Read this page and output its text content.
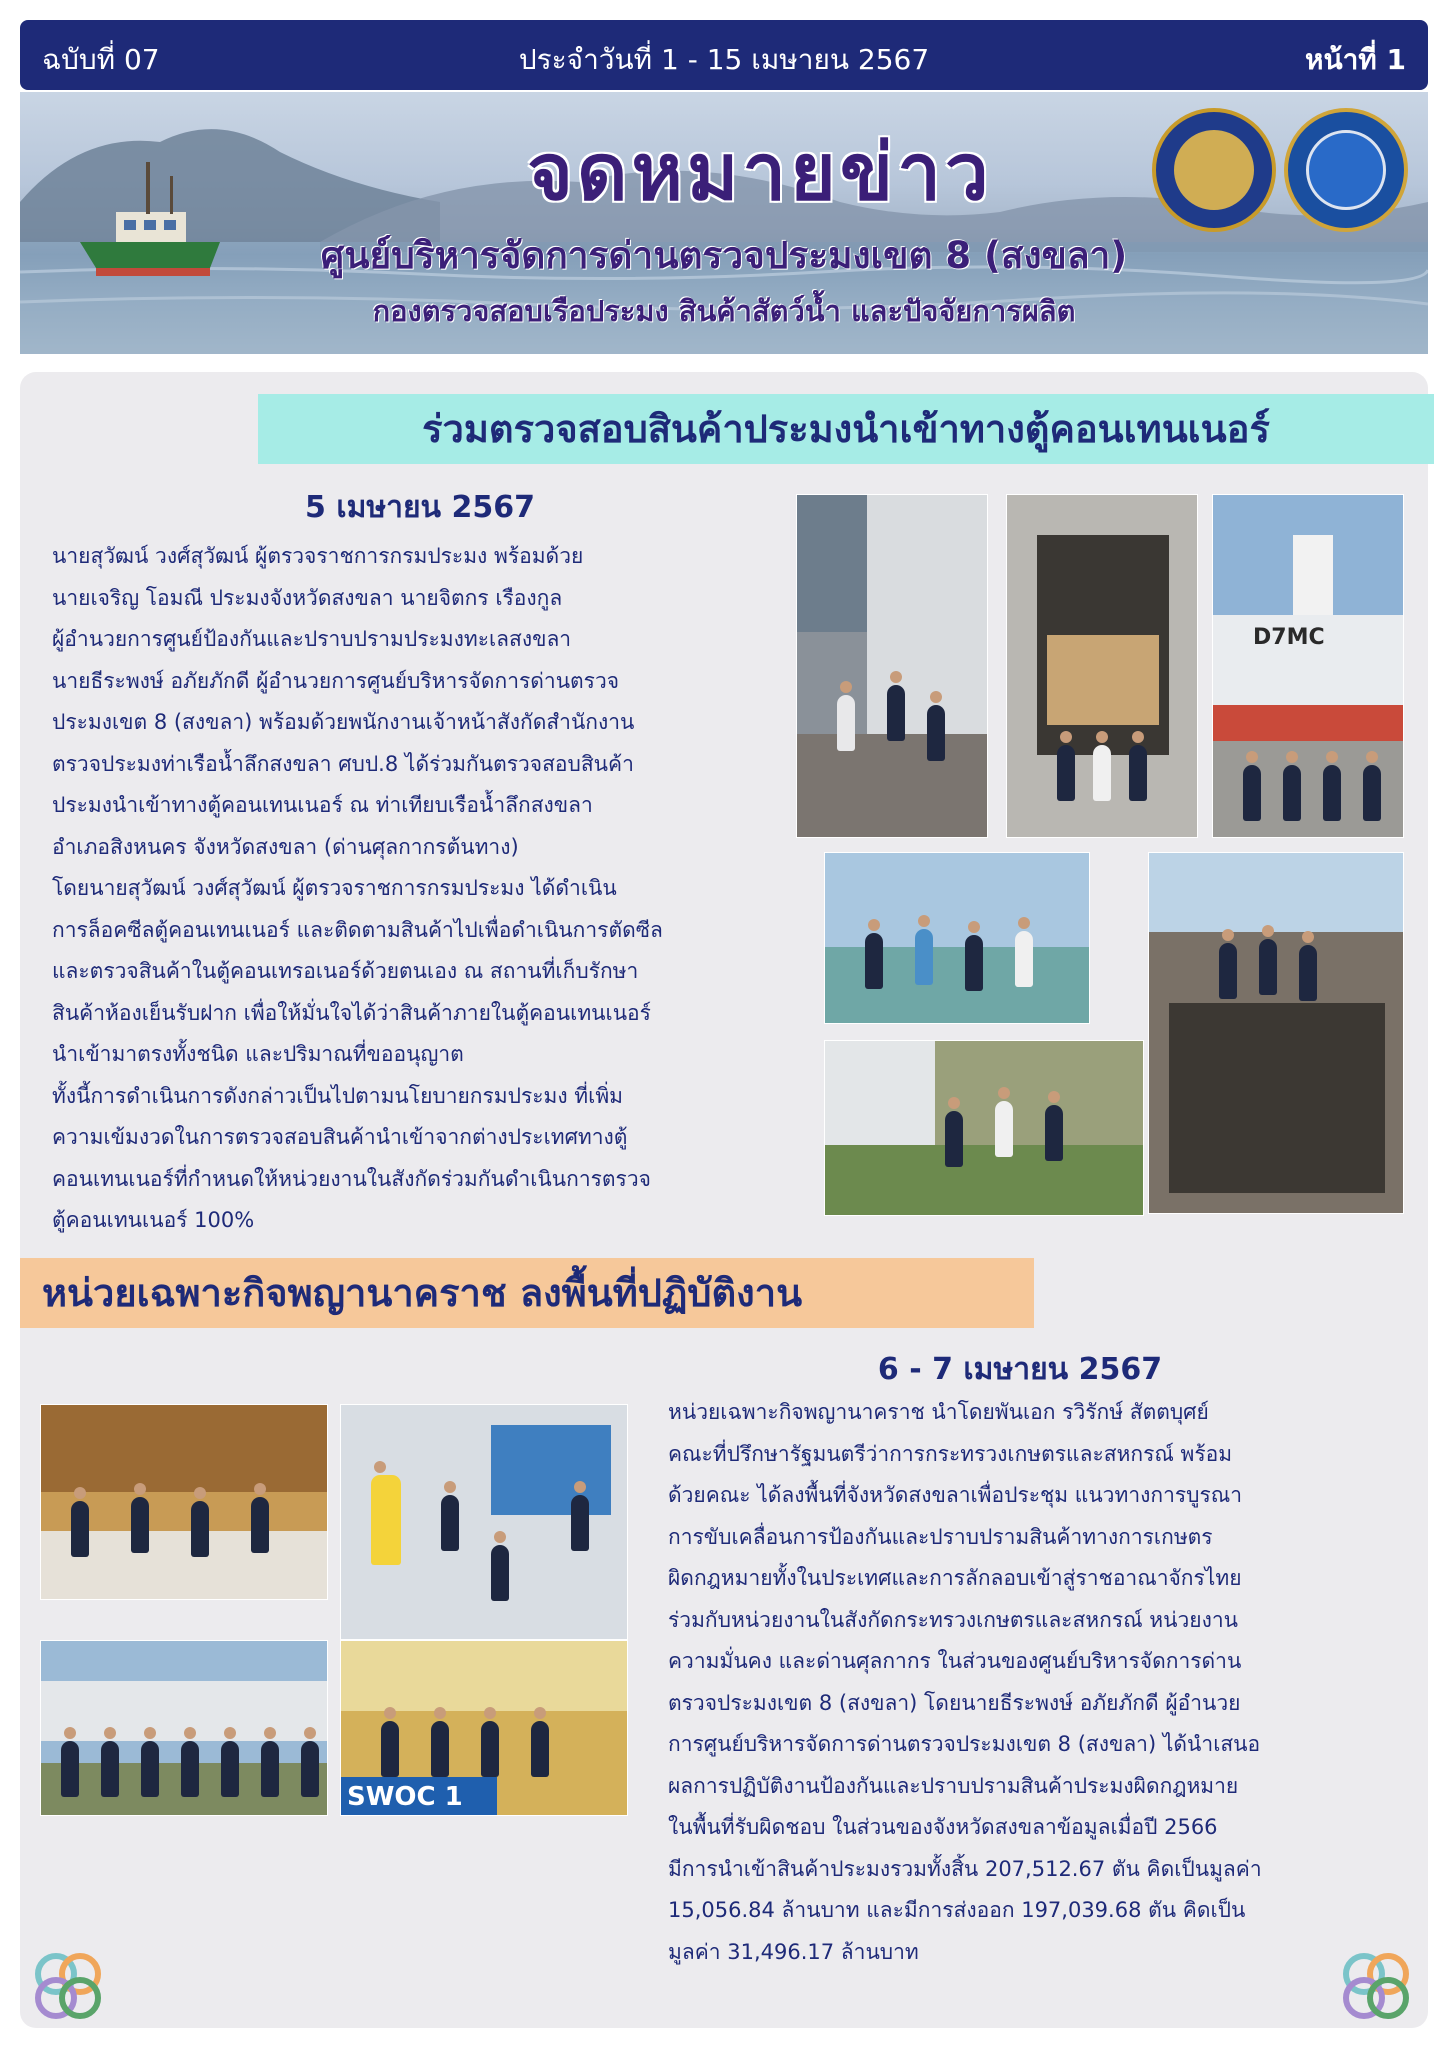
ฉบับที่ 07	ประจำวันที่ 1 - 15 เมษายน 2567	หน้าที่ 1
จดหมายข่าว
ศูนย์บริหารจัดการด่านตรวจประมงเขต 8 (สงขลา)
กองตรวจสอบเรือประมง สินค้าสัตว์น้ำ และปัจจัยการผลิต
ร่วมตรวจสอบสินค้าประมงนำเข้าทางตู้คอนเทนเนอร์
5 เมษายน 2567
นายสุวัฒน์ วงศ์สุวัฒน์ ผู้ตรวจราชการกรมประมง พร้อมด้วย
นายเจริญ โอมณี ประมงจังหวัดสงขลา นายจิตกร เรืองกูล
ผู้อำนวยการศูนย์ป้องกันและปราบปรามประมงทะเลสงขลา
นายธีระพงษ์ อภัยภักดี ผู้อำนวยการศูนย์บริหารจัดการด่านตรวจ
ประมงเขต 8 (สงขลา) พร้อมด้วยพนักงานเจ้าหน้าสังกัดสำนักงาน
ตรวจประมงท่าเรือน้ำลึกสงขลา ศบป.8 ได้ร่วมกันตรวจสอบสินค้า
ประมงนำเข้าทางตู้คอนเทนเนอร์ ณ ท่าเทียบเรือน้ำลึกสงขลา
อำเภอสิงหนคร จังหวัดสงขลา (ด่านศุลกากรต้นทาง)
โดยนายสุวัฒน์ วงศ์สุวัฒน์ ผู้ตรวจราชการกรมประมง ได้ดำเนิน
การล็อคซีลตู้คอนเทนเนอร์ และติดตามสินค้าไปเพื่อดำเนินการตัดซีล
และตรวจสินค้าในตู้คอนเทรอเนอร์ด้วยตนเอง ณ สถานที่เก็บรักษา
สินค้าห้องเย็นรับฝาก เพื่อให้มั่นใจได้ว่าสินค้าภายในตู้คอนเทนเนอร์
นำเข้ามาตรงทั้งชนิด และปริมาณที่ขออนุญาต
ทั้งนี้การดำเนินการดังกล่าวเป็นไปตามนโยบายกรมประมง ที่เพิ่ม
ความเข้มงวดในการตรวจสอบสินค้านำเข้าจากต่างประเทศทางตู้
คอนเทนเนอร์ที่กำหนดให้หน่วยงานในสังกัดร่วมกันดำเนินการตรวจ
ตู้คอนเทนเนอร์ 100%
D7MC
หน่วยเฉพาะกิจพญานาคราช ลงพื้นที่ปฏิบัติงาน
6 - 7 เมษายน 2567
หน่วยเฉพาะกิจพญานาคราช นำโดยพันเอก รวิรักษ์ สัตตบุศย์
คณะที่ปรึกษารัฐมนตรีว่าการกระทรวงเกษตรและสหกรณ์ พร้อม
ด้วยคณะ ได้ลงพื้นที่จังหวัดสงขลาเพื่อประชุม แนวทางการบูรณา
การขับเคลื่อนการป้องกันและปราบปรามสินค้าทางการเกษตร
ผิดกฎหมายทั้งในประเทศและการลักลอบเข้าสู่ราชอาณาจักรไทย
ร่วมกับหน่วยงานในสังกัดกระทรวงเกษตรและสหกรณ์ หน่วยงาน
ความมั่นคง และด่านศุลกากร ในส่วนของศูนย์บริหารจัดการด่าน
ตรวจประมงเขต 8 (สงขลา) โดยนายธีระพงษ์ อภัยภักดี ผู้อำนวย
การศูนย์บริหารจัดการด่านตรวจประมงเขต 8 (สงขลา) ได้นำเสนอ
ผลการปฏิบัติงานป้องกันและปราบปรามสินค้าประมงผิดกฎหมาย
ในพื้นที่รับผิดชอบ ในส่วนของจังหวัดสงขลาข้อมูลเมื่อปี 2566
มีการนำเข้าสินค้าประมงรวมทั้งสิ้น 207,512.67 ตัน คิดเป็นมูลค่า
15,056.84 ล้านบาท และมีการส่งออก 197,039.68 ตัน คิดเป็น
มูลค่า 31,496.17 ล้านบาท
SWOC 1
